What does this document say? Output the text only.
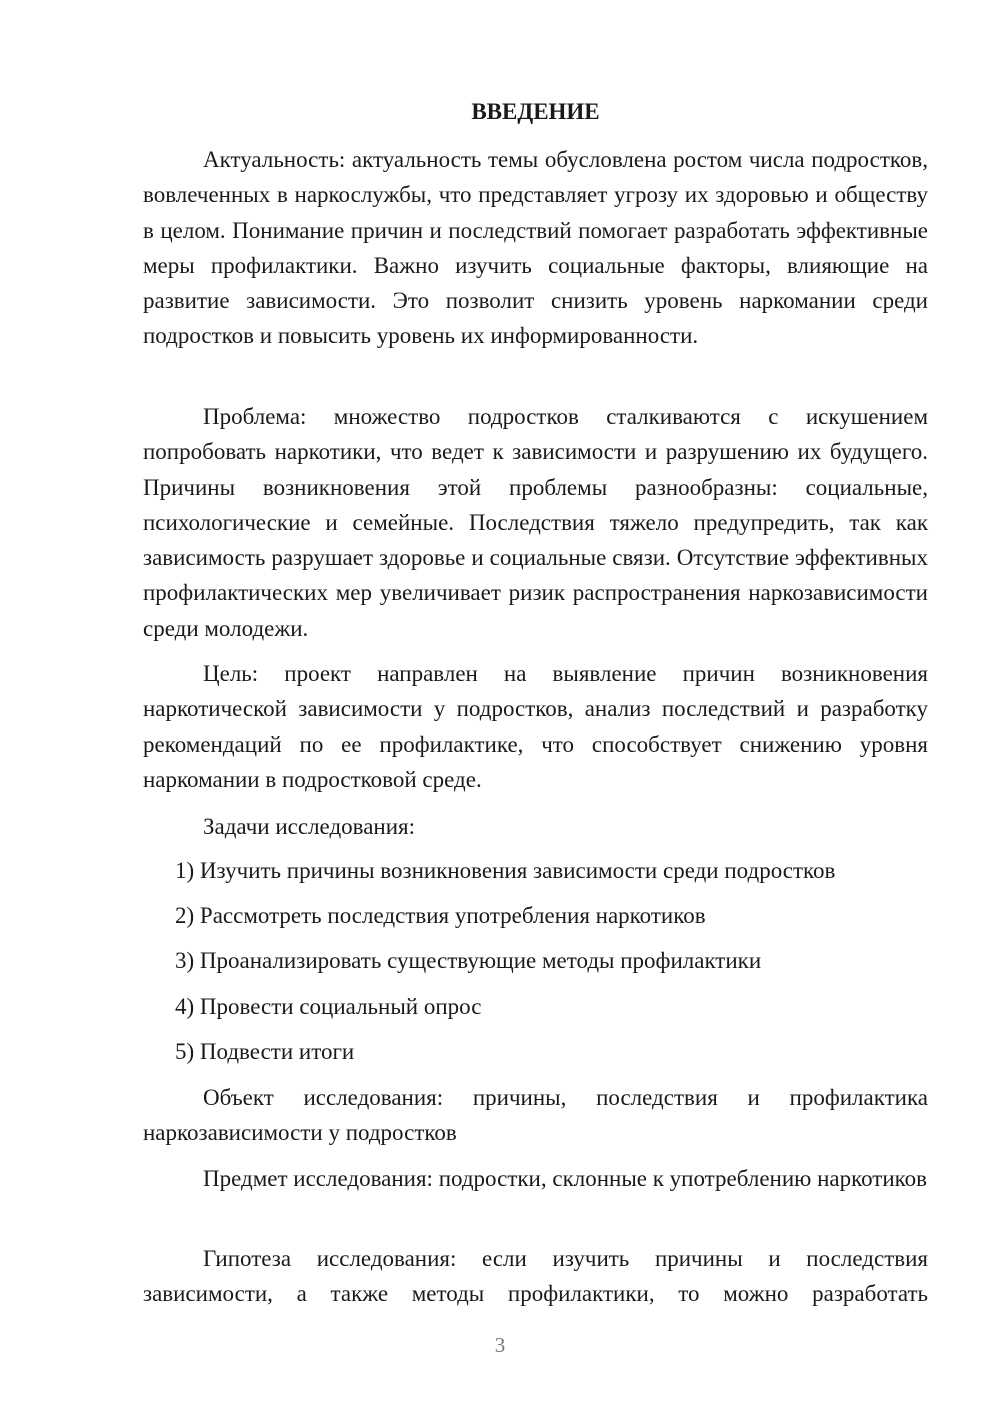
ВВЕДЕНИЕ

Актуальность: актуальность темы обусловлена ростом числа подростков, вовлеченных в наркослужбы, что представляет угрозу их здоровью и обществу в целом. Понимание причин и последствий помогает разработать эффективные меры профилактики. Важно изучить социальные факторы, влияющие на развитие зависимости. Это позволит снизить уровень наркомании среди подростков и повысить уровень их информированности.

Проблема: множество подростков сталкиваются с искушением попробовать наркотики, что ведет к зависимости и разрушению их будущего. Причины возникновения этой проблемы разнообразны: социальные, психологические и семейные. Последствия тяжело предупредить, так как зависимость разрушает здоровье и социальные связи. Отсутствие эффективных профилактических мер увеличивает ризик распространения наркозависимости среди молодежи.

Цель: проект направлен на выявление причин возникновения наркотической зависимости у подростков, анализ последствий и разработку рекомендаций по ее профилактике, что способствует снижению уровня наркомании в подростковой среде.

Задачи исследования:

1) Изучить причины возникновения зависимости среди подростков

2) Рассмотреть последствия употребления наркотиков

3) Проанализировать существующие методы профилактики

4) Провести социальный опрос

5) Подвести итоги

Объект исследования: причины, последствия и профилактика наркозависимости у подростков

Предмет исследования: подростки, склонные к употреблению наркотиков

Гипотеза исследования: если изучить причины и последствия зависимости, а также методы профилактики, то можно разработать

3
